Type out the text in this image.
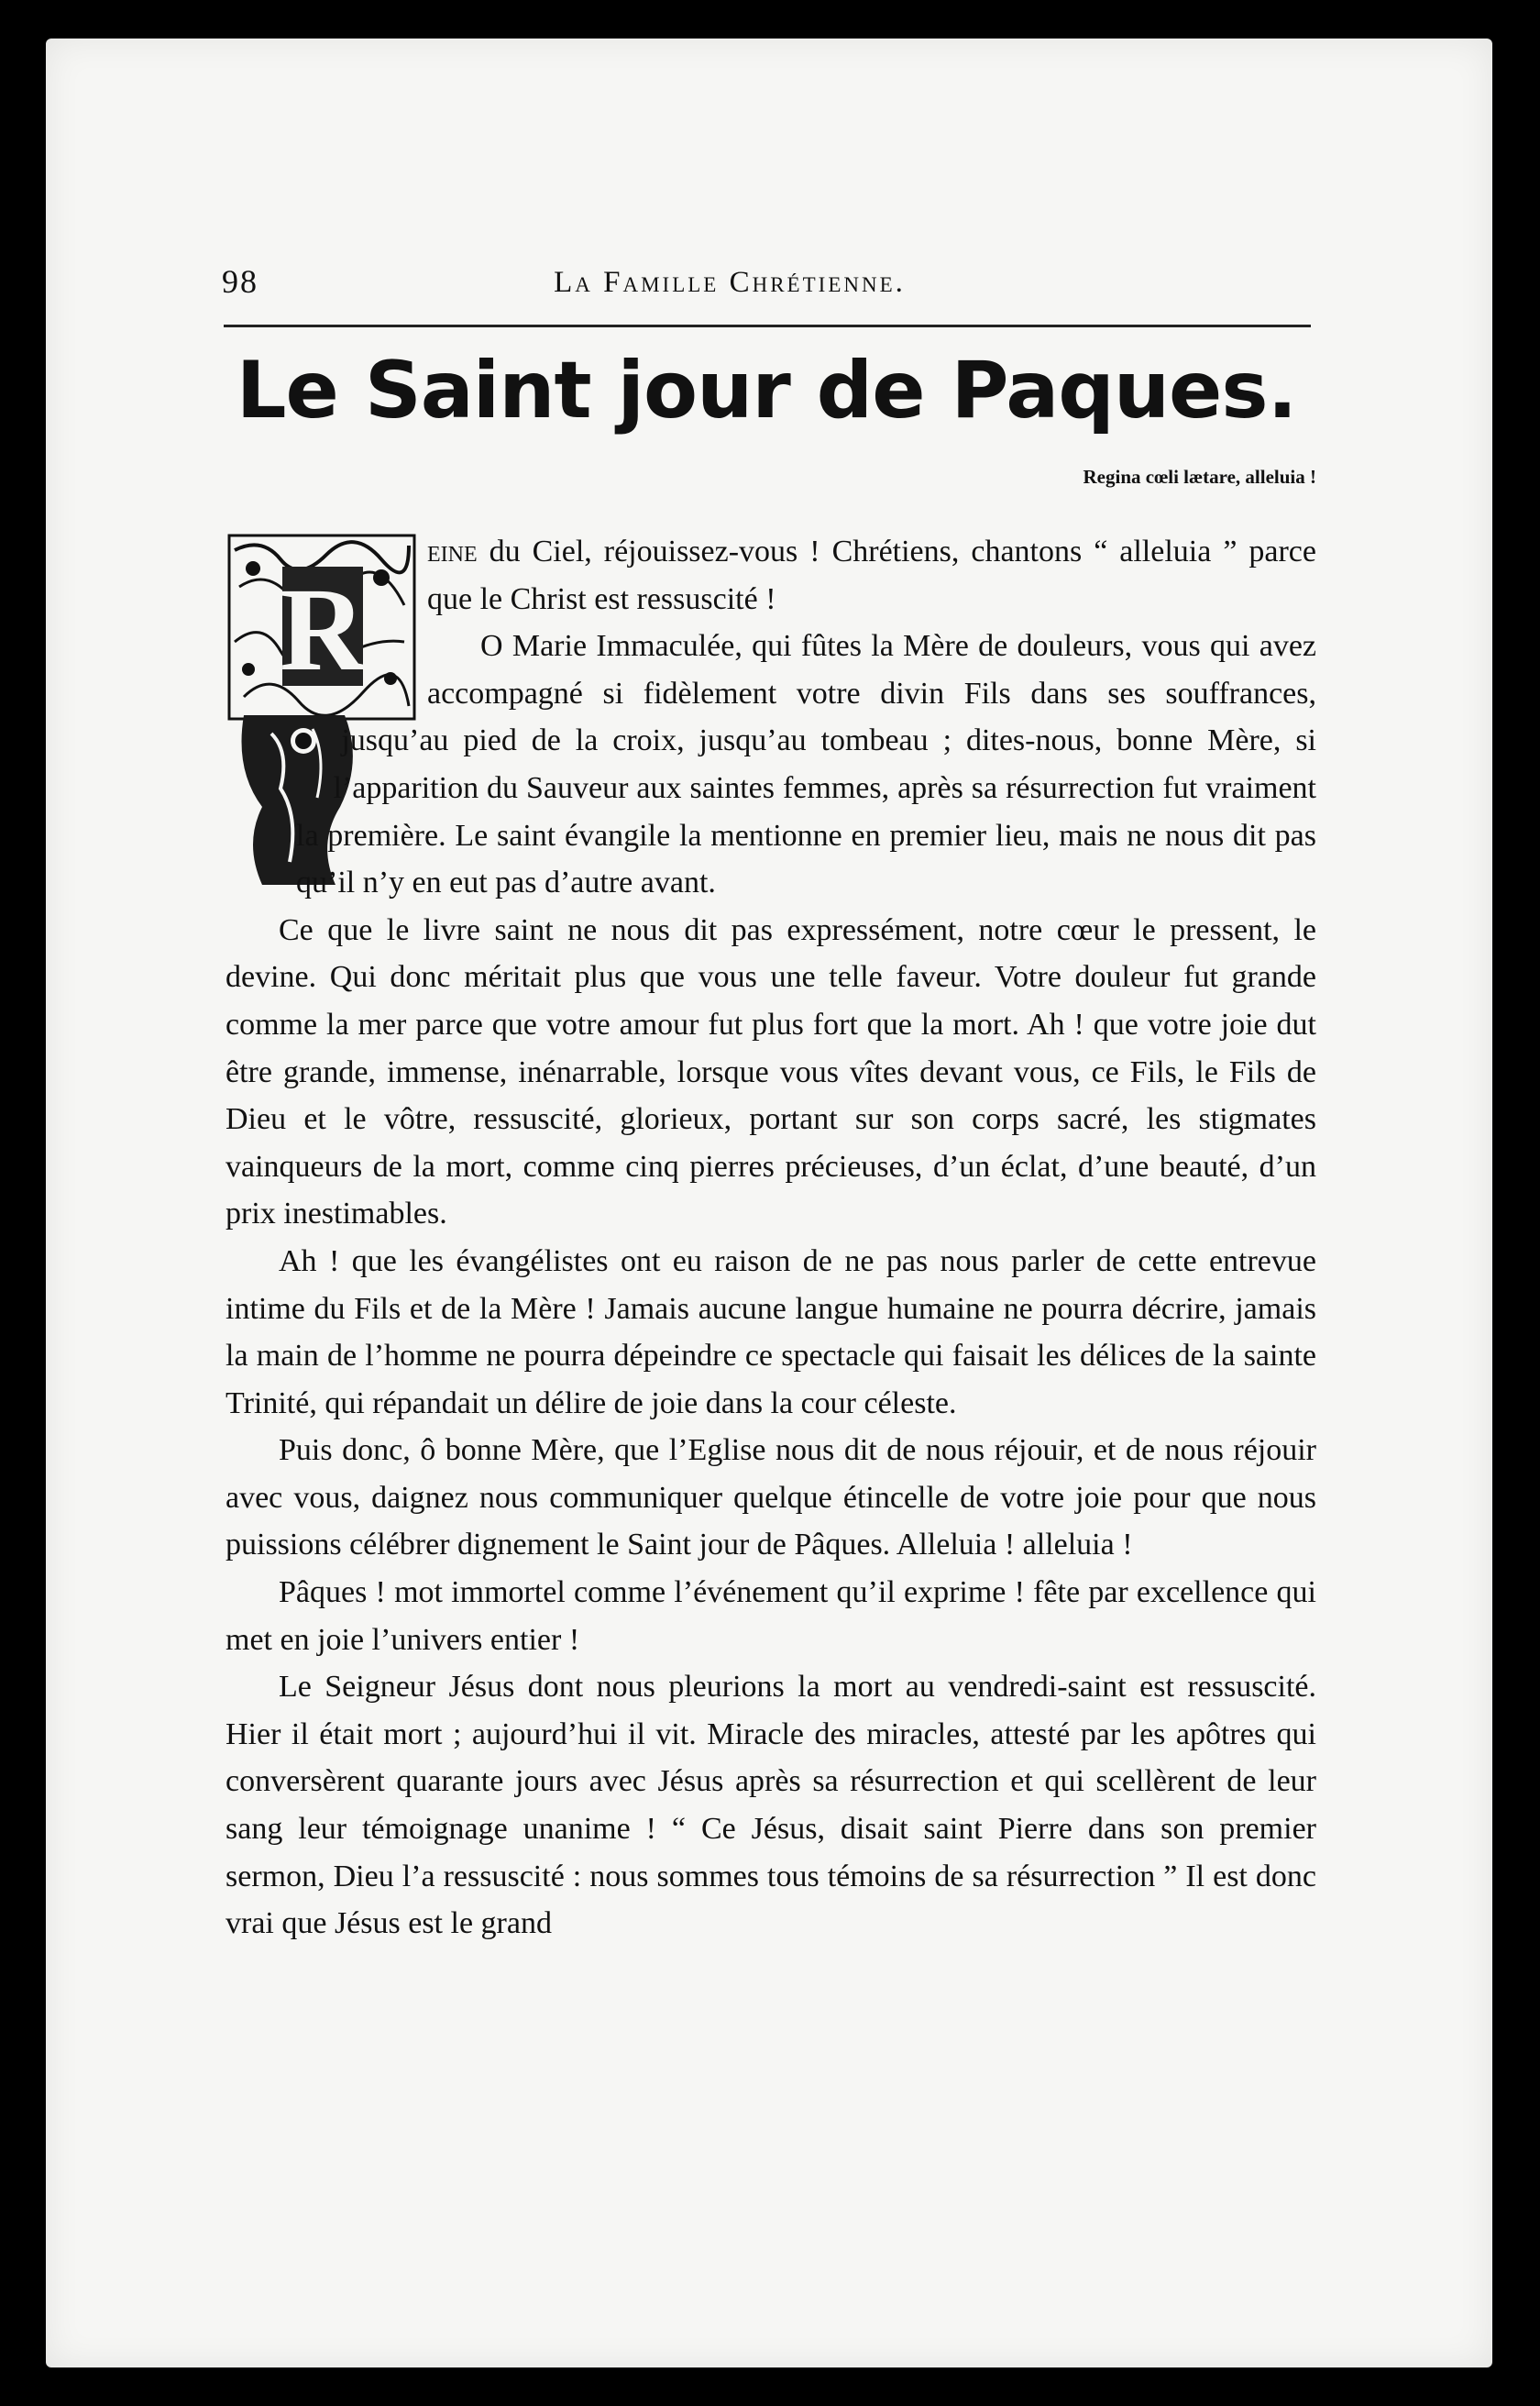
98	La Famille Chrétienne.
Le Saint jour de Paques.
Regina cœli lætare, alleluia !
R

eine du Ciel, réjouissez-vous ! Chrétiens, chantons “ alleluia ” parce que le Christ est ressuscité !

O Marie Immaculée, qui fûtes la Mère de douleurs, vous qui avez accompagné si fidèlement votre divin Fils dans ses souffrances, jusqu’au pied de la croix, jusqu’au tombeau ; dites-nous, bonne Mère, si l’apparition du Sauveur aux saintes femmes, après sa résurrection fut vraiment la première. Le saint évangile la mentionne en premier lieu, mais ne nous dit pas qu’il n’y en eut pas d’autre avant.

Ce que le livre saint ne nous dit pas expressément, notre cœur le pressent, le devine. Qui donc méritait plus que vous une telle faveur. Votre douleur fut grande comme la mer parce que votre amour fut plus fort que la mort. Ah ! que votre joie dut être grande, immense, inénarrable, lorsque vous vîtes devant vous, ce Fils, le Fils de Dieu et le vôtre, ressuscité, glorieux, portant sur son corps sacré, les stigmates vainqueurs de la mort, comme cinq pierres précieuses, d’un éclat, d’une beauté, d’un prix inestimables.

Ah ! que les évangélistes ont eu raison de ne pas nous parler de cette entrevue intime du Fils et de la Mère ! Jamais aucune langue humaine ne pourra décrire, jamais la main de l’homme ne pourra dépeindre ce spectacle qui faisait les délices de la sainte Trinité, qui répandait un délire de joie dans la cour céleste.

Puis donc, ô bonne Mère, que l’Eglise nous dit de nous réjouir, et de nous réjouir avec vous, daignez nous communiquer quelque étincelle de votre joie pour que nous puissions célébrer dignement le Saint jour de Pâques. Alleluia ! alleluia !

Pâques ! mot immortel comme l’événement qu’il exprime ! fête par excellence qui met en joie l’univers entier !

Le Seigneur Jésus dont nous pleurions la mort au vendredi-saint est ressuscité. Hier il était mort ; aujourd’hui il vit. Miracle des miracles, attesté par les apôtres qui conversèrent quarante jours avec Jésus après sa résurrection et qui scellèrent de leur sang leur témoignage unanime ! “ Ce Jésus, disait saint Pierre dans son premier sermon, Dieu l’a ressuscité : nous sommes tous témoins de sa résurrection ” Il est donc vrai que Jésus est le grand
